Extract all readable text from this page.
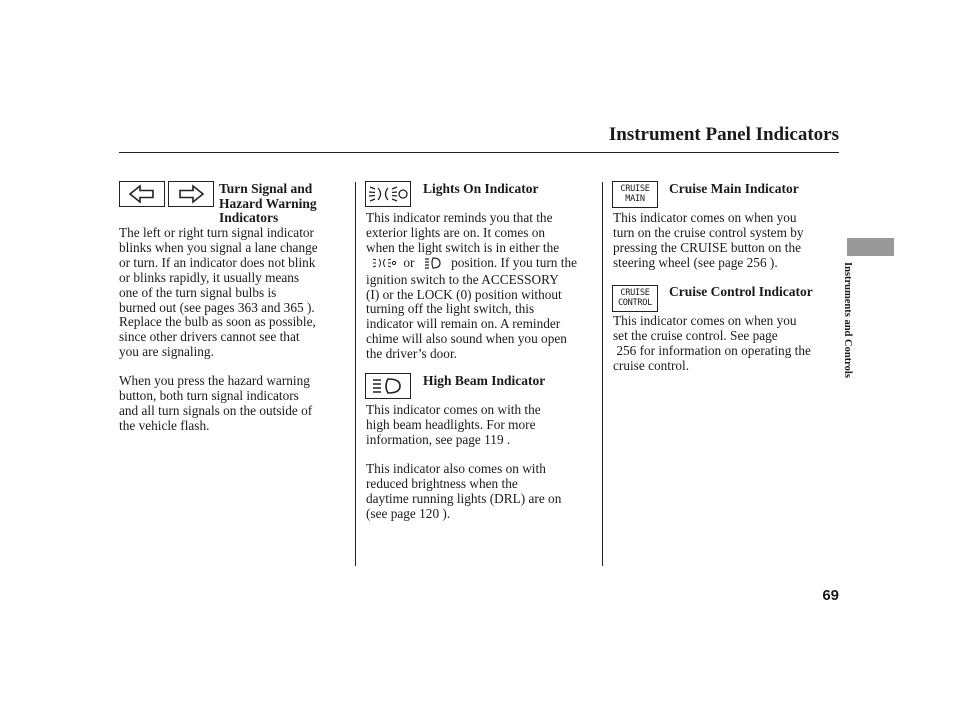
Instrument Panel Indicators
Turn Signal and
Hazard Warning
Indicators
The left or right turn signal indicator
blinks when you signal a lane change
or turn. If an indicator does not blink
or blinks rapidly, it usually means
one of the turn signal bulbs is
burned out (see pages 363 and 365 ).
Replace the bulb as soon as possible,
since other drivers cannot see that
you are signaling.
When you press the hazard warning
button, both turn signal indicators
and all turn signals on the outside of
the vehicle flash.
Lights On Indicator
This indicator reminds you that the
exterior lights are on. It comes on
when the light switch is in either the
or	position. If you turn the
ignition switch to the ACCESSORY
(I) or the LOCK (0) position without
turning off the light switch, this
indicator will remain on. A reminder
chime will also sound when you open
the driver’s door.
High Beam Indicator
This indicator comes on with the
high beam headlights. For more
information, see page 119 .
This indicator also comes on with
reduced brightness when the
daytime running lights (DRL) are on
(see page 120 ).
CRUISE
MAIN
CRUISE
CONTROL
Cruise Main Indicator
This indicator comes on when you
turn on the cruise control system by
pressing the CRUISE button on the
steering wheel (see page 256 ).
Cruise Control Indicator
This indicator comes on when you
set the cruise control. See page
256 for information on operating the
cruise control.	Instruments and Controls
69
